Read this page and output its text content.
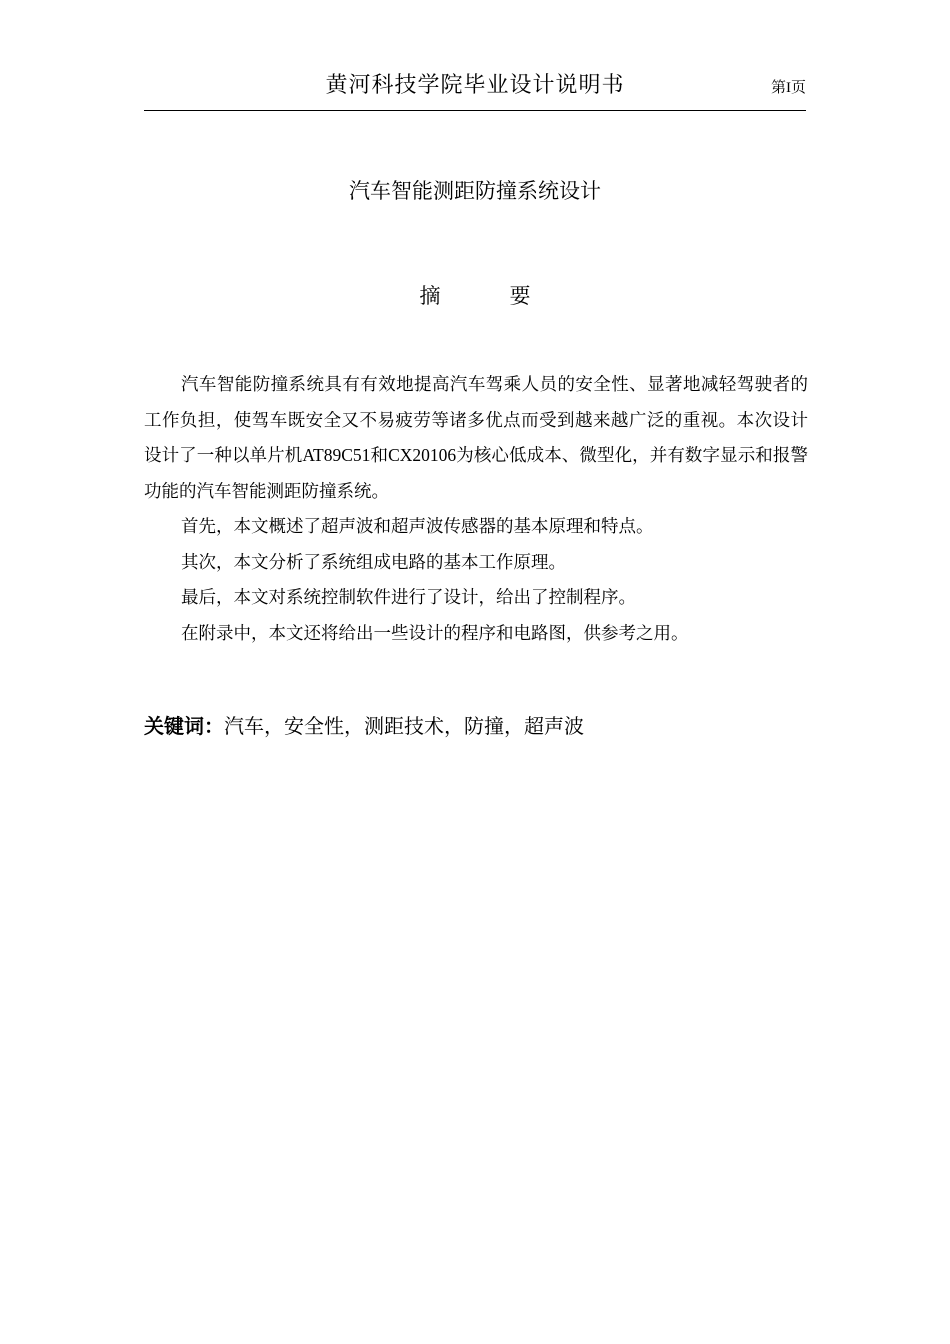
黄河科技学院毕业设计说明书	第I页
汽车智能测距防撞系统设计
摘　要

汽车智能防撞系统具有有效地提高汽车驾乘人员的安全性、显著地减轻驾驶者的工作负担，使驾车既安全又不易疲劳等诸多优点而受到越来越广泛的重视。本次设计设计了一种以单片机AT89C51和CX20106为核心低成本、微型化，并有数字显示和报警功能的汽车智能测距防撞系统。

首先，本文概述了超声波和超声波传感器的基本原理和特点。

其次，本文分析了系统组成电路的基本工作原理。

最后，本文对系统控制软件进行了设计，给出了控制程序。

在附录中，本文还将给出一些设计的程序和电路图，供参考之用。

关键词：汽车，安全性，测距技术，防撞，超声波
